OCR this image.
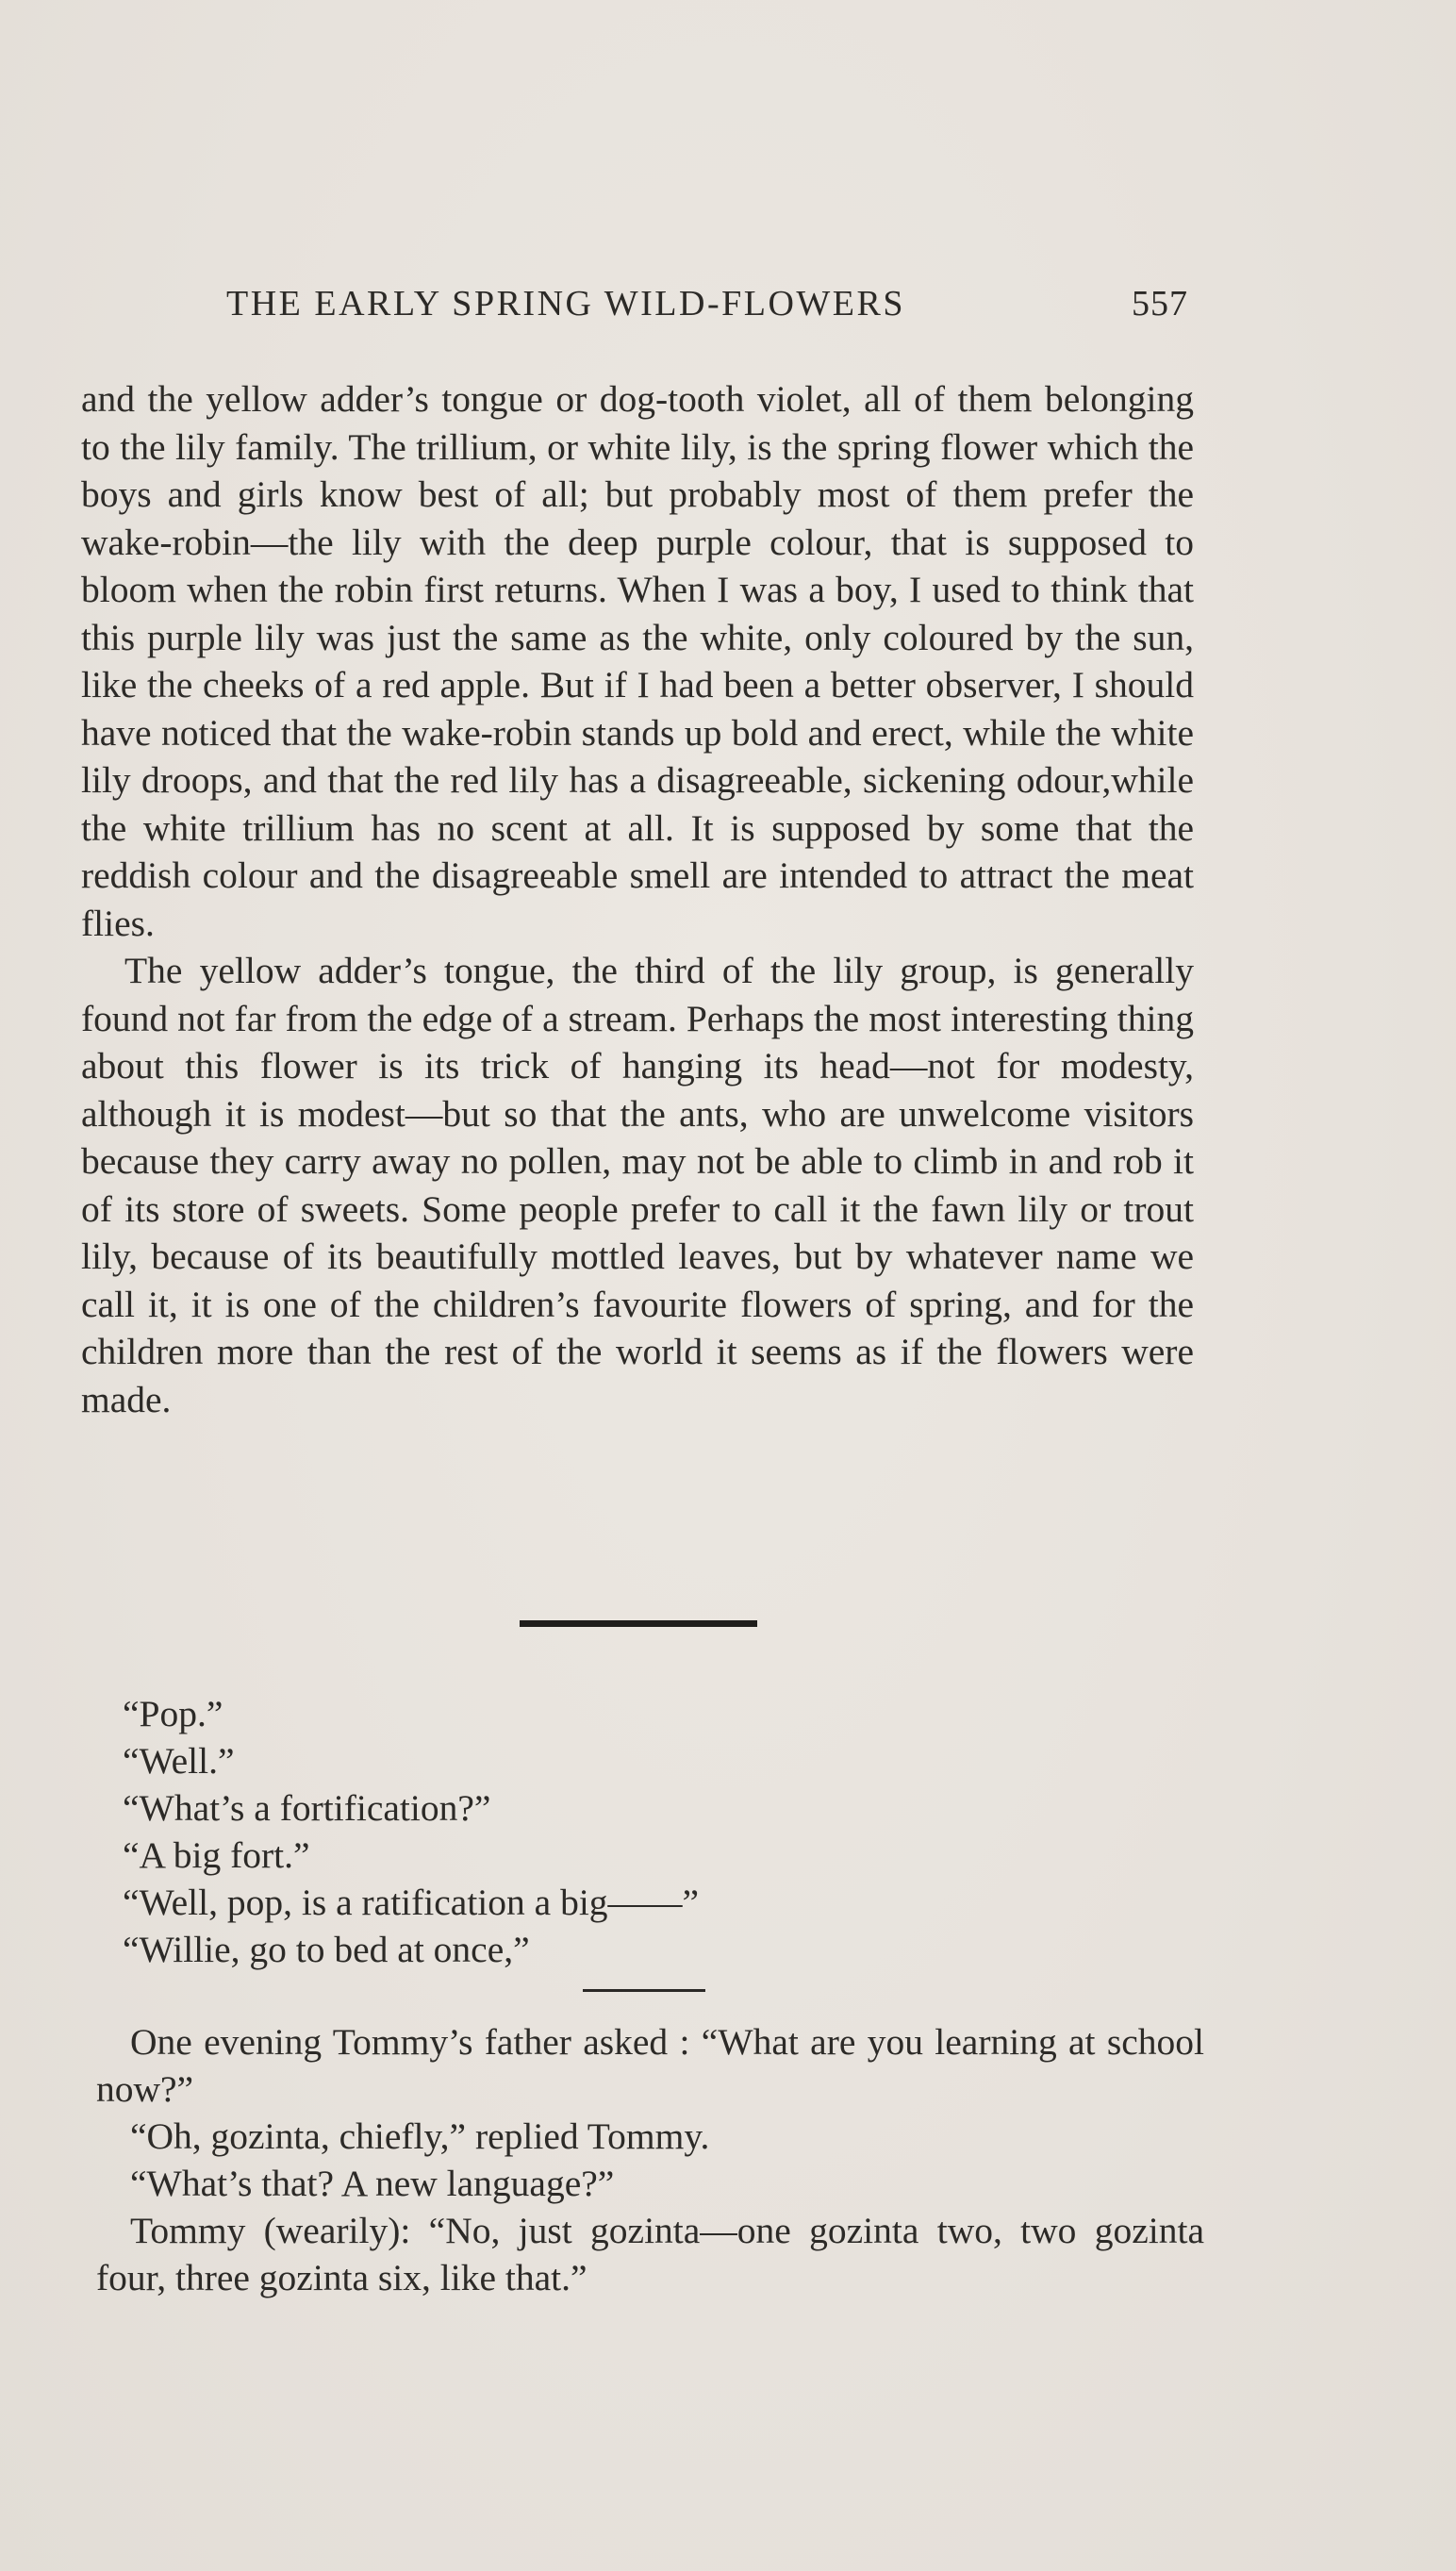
THE EARLY SPRING WILD-FLOWERS	557

and the yellow adder’s tongue or dog-tooth violet, all of them belonging to the lily family. The trillium, or white lily, is the spring flower which the boys and girls know best of all; but probably most of them prefer the wake-robin—the lily with the deep purple colour, that is supposed to bloom when the robin first returns. When I was a boy, I used to think that this purple lily was just the same as the white, only coloured by the sun, like the cheeks of a red apple. But if I had been a better observer, I should have noticed that the wake-robin stands up bold and erect, while the white lily droops, and that the red lily has a disagreeable, sickening odour,while the white trillium has no scent at all. It is supposed by some that the reddish colour and the disagreeable smell are intended to attract the meat flies.

The yellow adder’s tongue, the third of the lily group, is generally found not far from the edge of a stream. Perhaps the most interesting thing about this flower is its trick of hanging its head—not for modesty, although it is modest—but so that the ants, who are unwelcome visitors because they carry away no pollen, may not be able to climb in and rob it of its store of sweets. Some people prefer to call it the fawn lily or trout lily, because of its beautifully mottled leaves, but by whatever name we call it, it is one of the children’s favourite flowers of spring, and for the children more than the rest of the world it seems as if the flowers were made.

“Pop.”
“Well.”
“What’s a fortification?”
“A big fort.”
“Well, pop, is a ratification a big——”
“Willie, go to bed at once,”

One evening Tommy’s father asked : “What are you learning at school now?”

“Oh, gozinta, chiefly,” replied Tommy.

“What’s that? A new language?”

Tommy (wearily): “No, just gozinta—one gozinta two, two gozinta four, three gozinta six, like that.”
